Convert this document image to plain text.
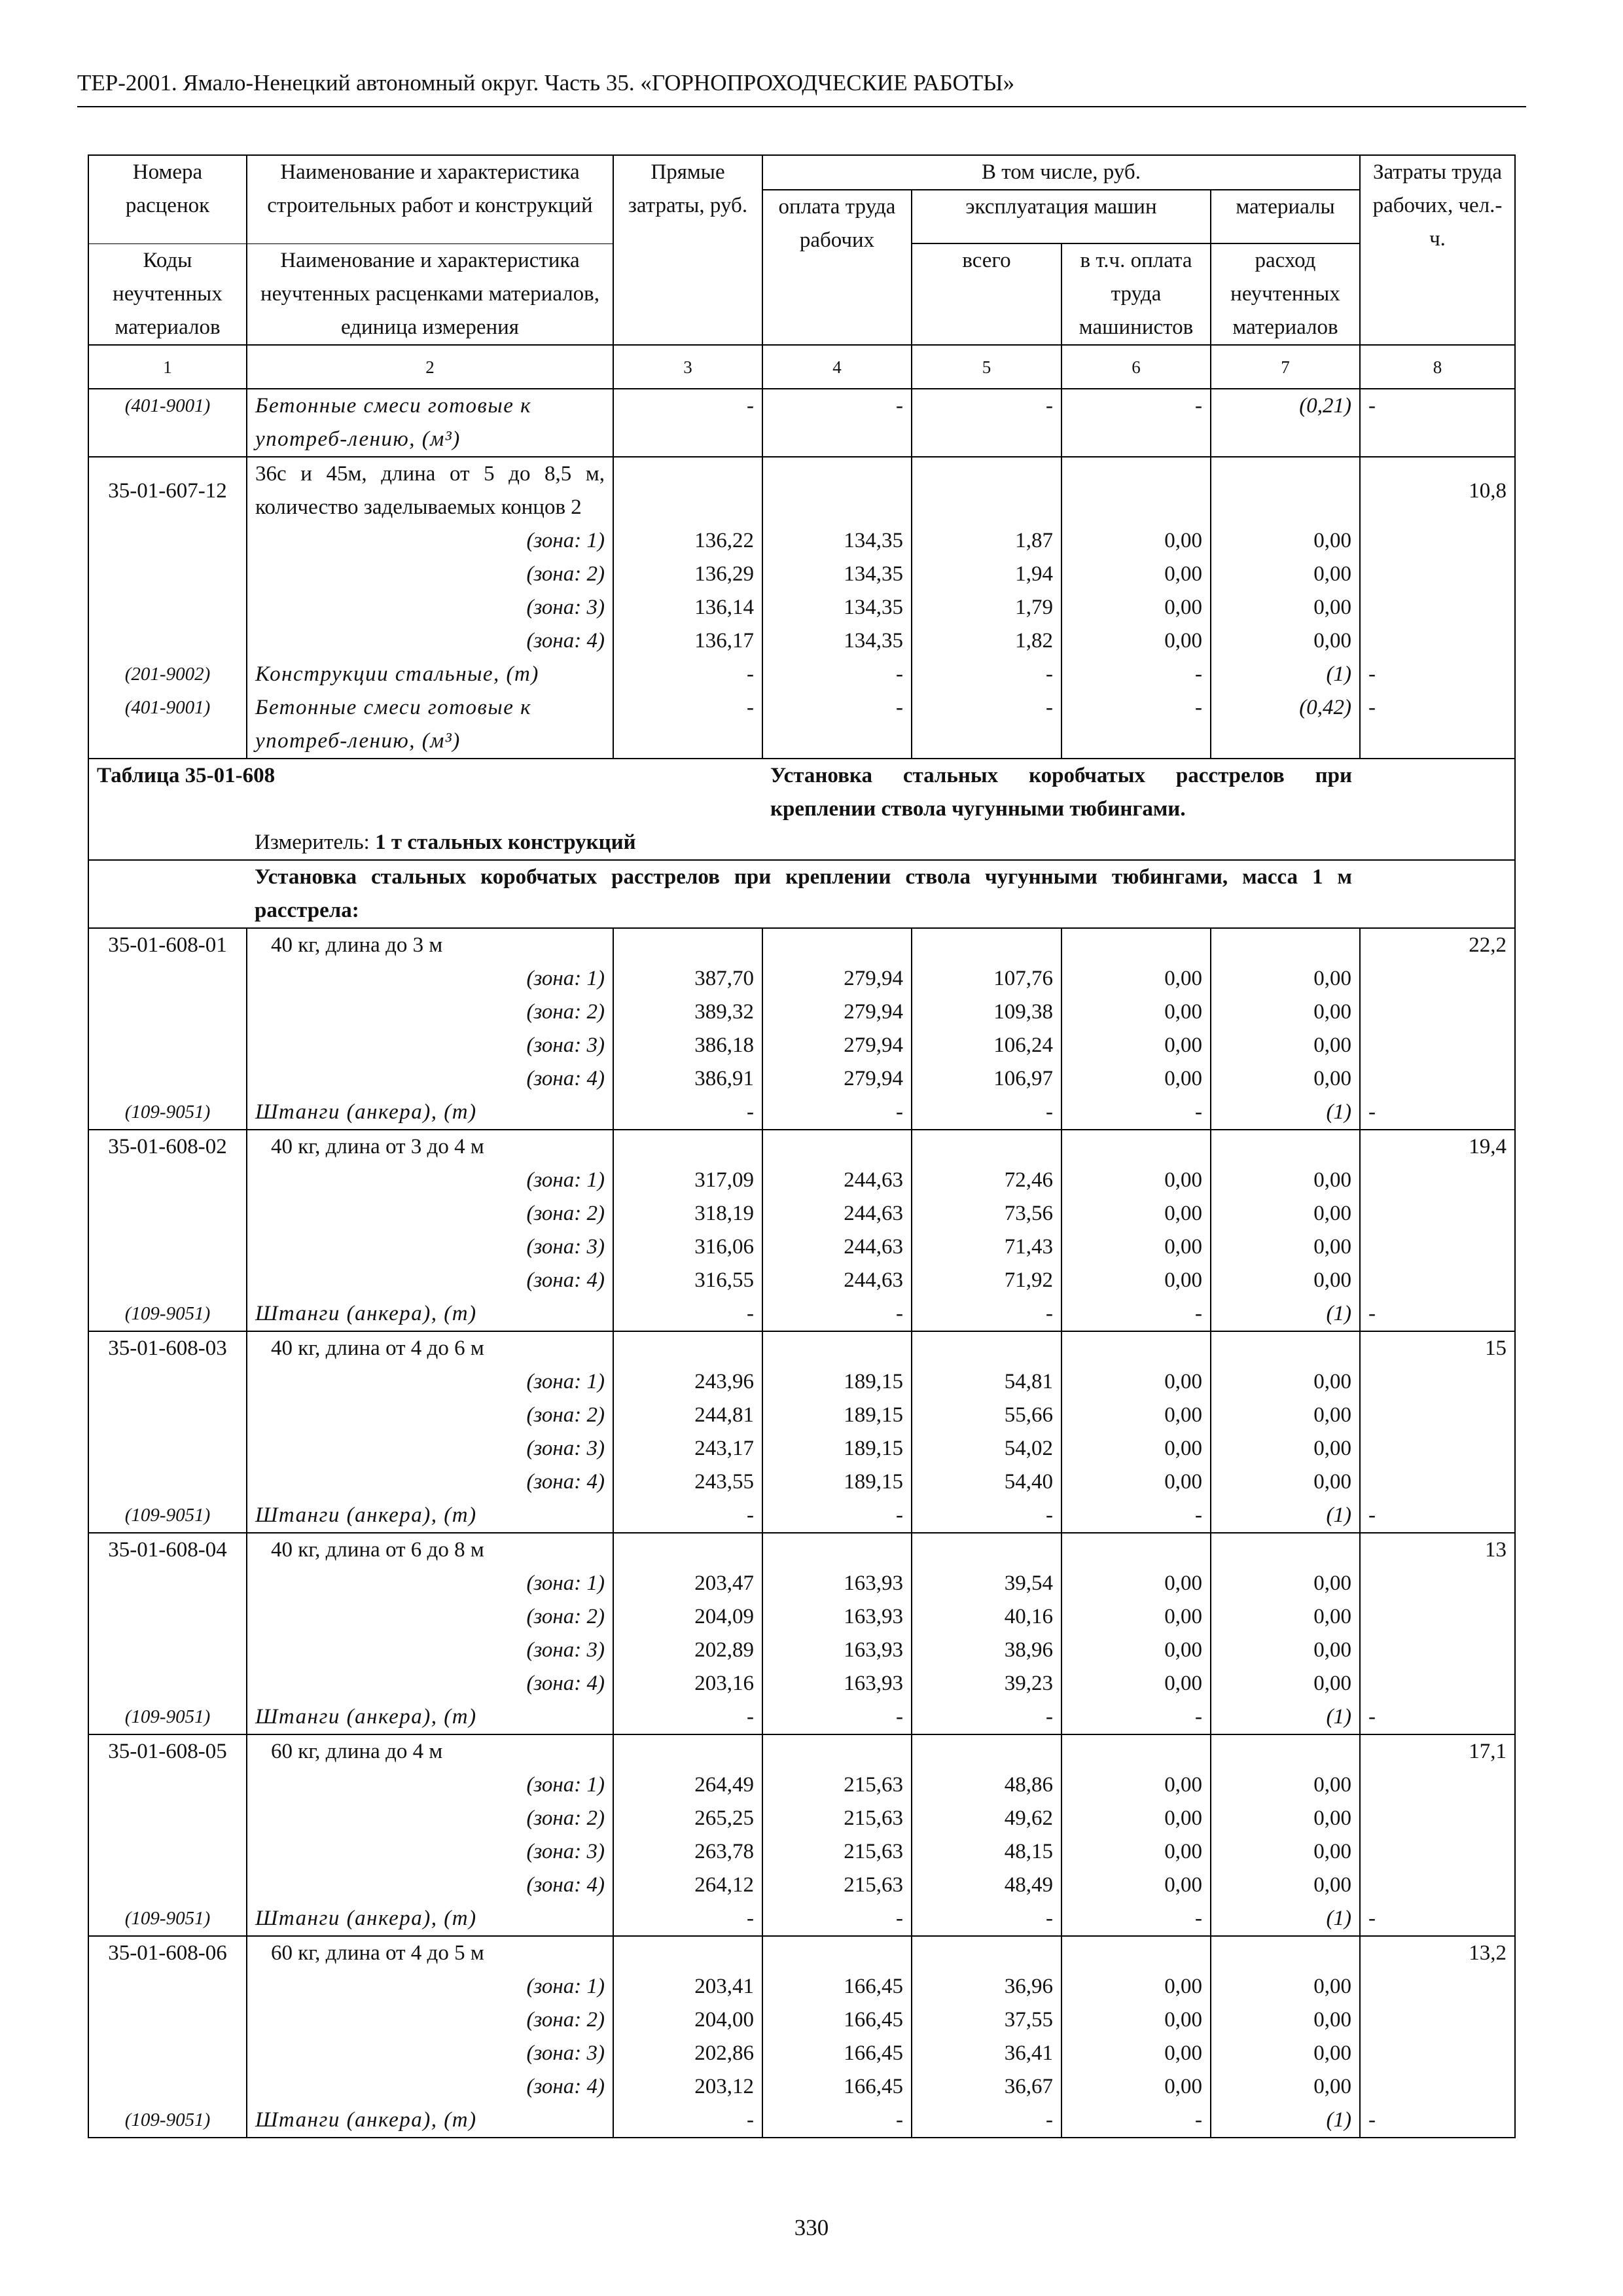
ТЕР-2001. Ямало-Ненецкий автономный округ. Часть 35. «ГОРНОПРОХОДЧЕСКИЕ РАБОТЫ»
Номера расценок	Наименование и характеристика строительных работ и конструкций	Прямые затраты, руб.	В том числе, руб.				Затраты труда рабочих, чел.-ч.
			оплата труда рабочих	эксплуатация машин		материалы	
Коды неучтенных материалов	Наименование и характеристика неучтенных расценками материалов, единица измерения			всего	в т.ч. оплата труда машинистов	расход неучтенных материалов	
1	2	3	4	5	6	7	8
(401-9001)	Бетонные смеси готовые к употреб-лению, (м³)	-	-	-	-	(0,21)	-
35-01-607-12	36с и 45м, длина от 5 до 8,5 м, количество заделываемых концов 2						10,8
	(зона: 1)	136,22	134,35	1,87	0,00	0,00	
	(зона: 2)	136,29	134,35	1,94	0,00	0,00	
	(зона: 3)	136,14	134,35	1,79	0,00	0,00	
	(зона: 4)	136,17	134,35	1,82	0,00	0,00	
(201-9002)	Конструкции стальные, (т)	-	-	-	-	(1)	-
(401-9001)	Бетонные смеси готовые к употреб-лению, (м³)	-	-	-	-	(0,42)	-
Таблица 35-01-608			Установка стальных коробчатых расстрелов при креплении ствола чугунными тюбингами.				
	Измеритель: 1 т стальных конструкций						
	Установка стальных коробчатых расстрелов при креплении ствола чугунными тюбингами, масса 1 м расстрела:						
35-01-608-01	40 кг, длина до 3 м						22,2
	(зона: 1)	387,70	279,94	107,76	0,00	0,00	
	(зона: 2)	389,32	279,94	109,38	0,00	0,00	
	(зона: 3)	386,18	279,94	106,24	0,00	0,00	
	(зона: 4)	386,91	279,94	106,97	0,00	0,00	
(109-9051)	Штанги (анкера), (т)	-	-	-	-	(1)	-
35-01-608-02	40 кг, длина от 3 до 4 м						19,4
	(зона: 1)	317,09	244,63	72,46	0,00	0,00	
	(зона: 2)	318,19	244,63	73,56	0,00	0,00	
	(зона: 3)	316,06	244,63	71,43	0,00	0,00	
	(зона: 4)	316,55	244,63	71,92	0,00	0,00	
(109-9051)	Штанги (анкера), (т)	-	-	-	-	(1)	-
35-01-608-03	40 кг, длина от 4 до 6 м						15
	(зона: 1)	243,96	189,15	54,81	0,00	0,00	
	(зона: 2)	244,81	189,15	55,66	0,00	0,00	
	(зона: 3)	243,17	189,15	54,02	0,00	0,00	
	(зона: 4)	243,55	189,15	54,40	0,00	0,00	
(109-9051)	Штанги (анкера), (т)	-	-	-	-	(1)	-
35-01-608-04	40 кг, длина от 6 до 8 м						13
	(зона: 1)	203,47	163,93	39,54	0,00	0,00	
	(зона: 2)	204,09	163,93	40,16	0,00	0,00	
	(зона: 3)	202,89	163,93	38,96	0,00	0,00	
	(зона: 4)	203,16	163,93	39,23	0,00	0,00	
(109-9051)	Штанги (анкера), (т)	-	-	-	-	(1)	-
35-01-608-05	60 кг, длина до 4 м						17,1
	(зона: 1)	264,49	215,63	48,86	0,00	0,00	
	(зона: 2)	265,25	215,63	49,62	0,00	0,00	
	(зона: 3)	263,78	215,63	48,15	0,00	0,00	
	(зона: 4)	264,12	215,63	48,49	0,00	0,00	
(109-9051)	Штанги (анкера), (т)	-	-	-	-	(1)	-
35-01-608-06	60 кг, длина от 4 до 5 м						13,2
	(зона: 1)	203,41	166,45	36,96	0,00	0,00	
	(зона: 2)	204,00	166,45	37,55	0,00	0,00	
	(зона: 3)	202,86	166,45	36,41	0,00	0,00	
	(зона: 4)	203,12	166,45	36,67	0,00	0,00	
(109-9051)	Штанги (анкера), (т)	-	-	-	-	(1)	-
330
